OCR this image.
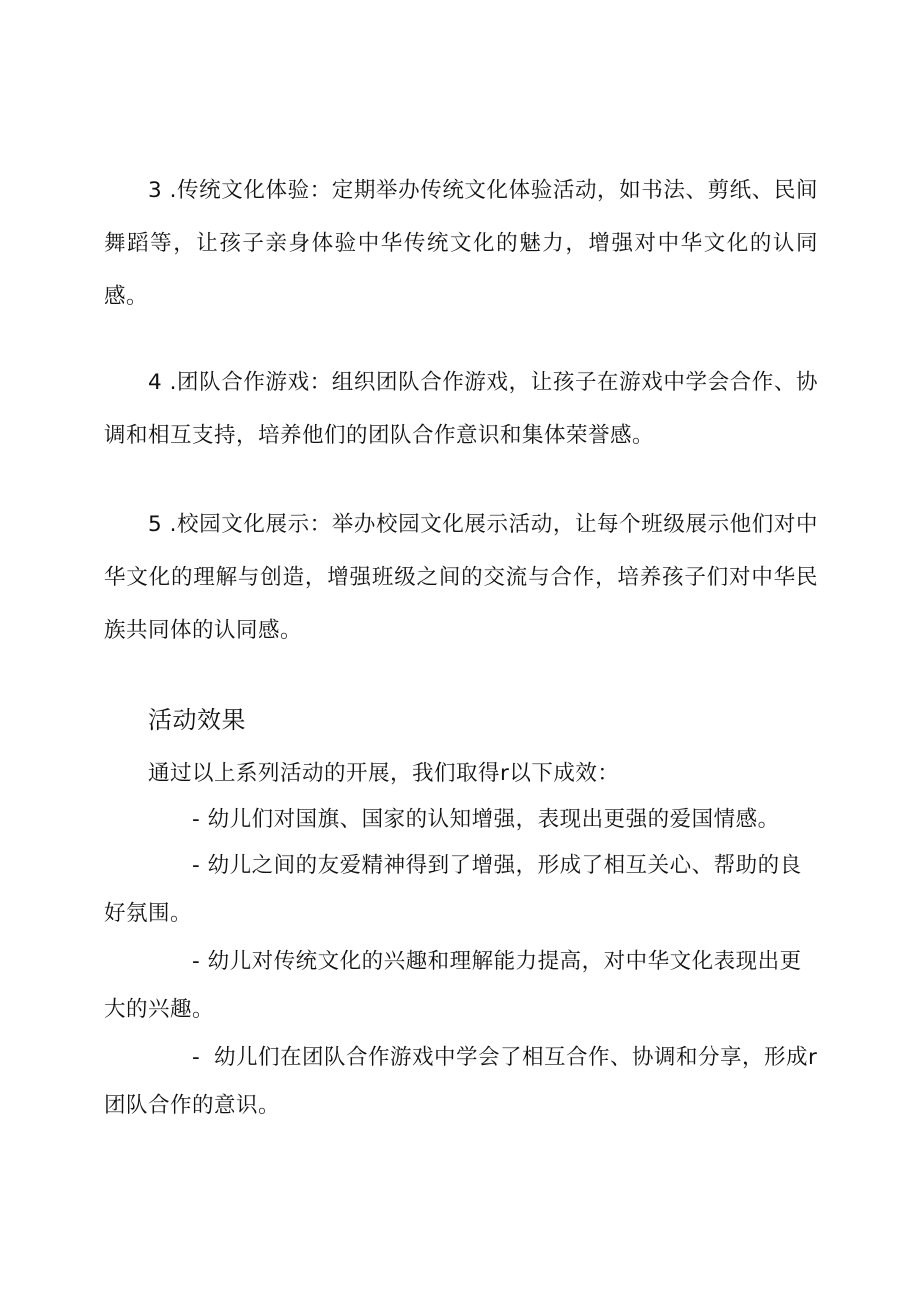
3 .传统文化体验：定期举办传统文化体验活动，如书法、剪纸、民间舞蹈等，让孩子亲身体验中华传统文化的魅力，增强对中华文化的认同感。

4 .团队合作游戏：组织团队合作游戏，让孩子在游戏中学会合作、协调和相互支持，培养他们的团队合作意识和集体荣誉感。

5 .校园文化展示：举办校园文化展示活动，让每个班级展示他们对中华文化的理解与创造，增强班级之间的交流与合作，培养孩子们对中华民族共同体的认同感。

活动效果

通过以上系列活动的开展，我们取得r以下成效：

- 幼儿们对国旗、国家的认知增强，表现出更强的爱国情感。

- 幼儿之间的友爱精神得到了增强，形成了相互关心、帮助的良好氛围。

- 幼儿对传统文化的兴趣和理解能力提高，对中华文化表现出更大的兴趣。

- 幼儿们在团队合作游戏中学会了相互合作、协调和分享，形成r团队合作的意识。
